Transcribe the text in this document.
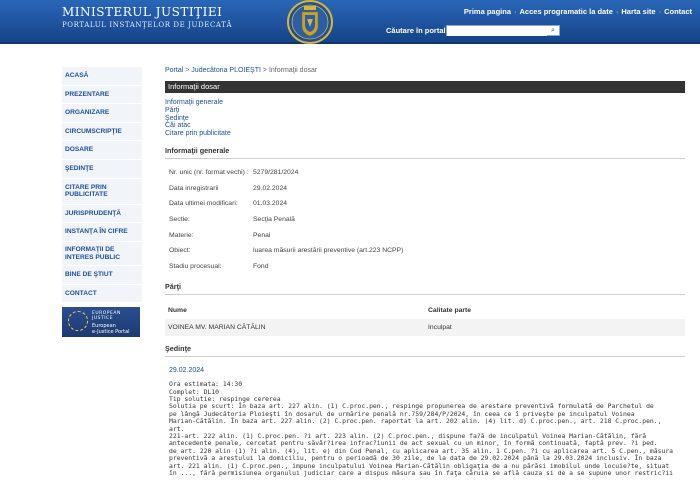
MINISTERUL JUSTIŢIEI
PORTALUL INSTANŢELOR DE JUDECATĂ
Prima pagina · Acces programatic la date · Harta site · Contact
Căutare în portal	⌕
ACASĂ
PREZENTARE
ORGANIZARE
CIRCUMSCRIPŢIE
DOSARE
ŞEDINŢE
CITARE PRIN PUBLICITATE
JURISPRUDENŢĂ
INSTANŢA ÎN CIFRE
INFORMAŢII DE INTERES PUBLIC
BINE DE ŞTIUT
CONTACT
EUROPEAN JUSTICE
European
e-Justice Portal
Portal > Judecătoria PLOIEŞTI > Informaţii dosar
Informaţii dosar
Informaţii generale
Părţi
Şedinţe
Căi atac
Citare prin publicitate
Informaţii generale
Nr. unic (nr. format vechi) :	5279/281/2024
Data inregistrarii	29.02.2024
Data ultimei modificari:	01.03.2024
Sectie:	Secţia Penală
Materie:	Penal
Obiect:	luarea măsurii arestării preventive (art.223 NCPP)
Stadiu procesual:	Fond
Părţi
Nume	Calitate parte
VOINEA MV. MARIAN CĂTĂLIN	Inculpat
Şedinţe
29.02.2024
Ora estimata: 14:30
Complet: DL10
Tip solutie: respinge cererea
Solutia pe scurt: În baza art. 227 alin. (1) C.proc.pen., respinge propunerea de arestare preventivă formulată de Parchetul de
pe lângă Judecătoria Ploieşti în dosarul de urmărire penală nr.759/284/P/2024, în ceea ce î priveşte pe inculpatul Voinea
Marian-Cătălin. În baza art. 227 alin. (2) C.proc.pen. raportat la art. 202 alin. (4) lit. d) C.proc.pen., art. 218 C.proc.pen., art.
221-art. 222 alin. (1) C.proc.pen. ?i art. 223 alin. (2) C.proc.pen., dispune fa?ă de inculpatul Voinea Marian-Cătălin, fără
antecedente penale, cercetat pentru săvâr?irea infrac?iunii de act sexual cu un minor, în formă continuată, faptă prev. ?i ped.
de art. 220 alin (1) ?i alin. (4), lit. e) din Cod Penal, cu aplicarea art. 35 alin. 1 C.pen. ?i cu aplicarea art. 5 C.pen., măsura
preventivă a arestului la domiciliu, pentru o perioadă de 30 zile, de la data de 29.02.2024 până la 29.03.2024 inclusiv. În baza
art. 221 alin. (1) C.proc.pen., impune inculpatului Voinea Marian-Cătălin obligaţia de a nu părăsi imobilul unde locuie?te, situat
în ..., fără permisiunea organului judiciar care a dispus măsura sau în faţa căruia se află cauza si de a se supune unor restric?ii
